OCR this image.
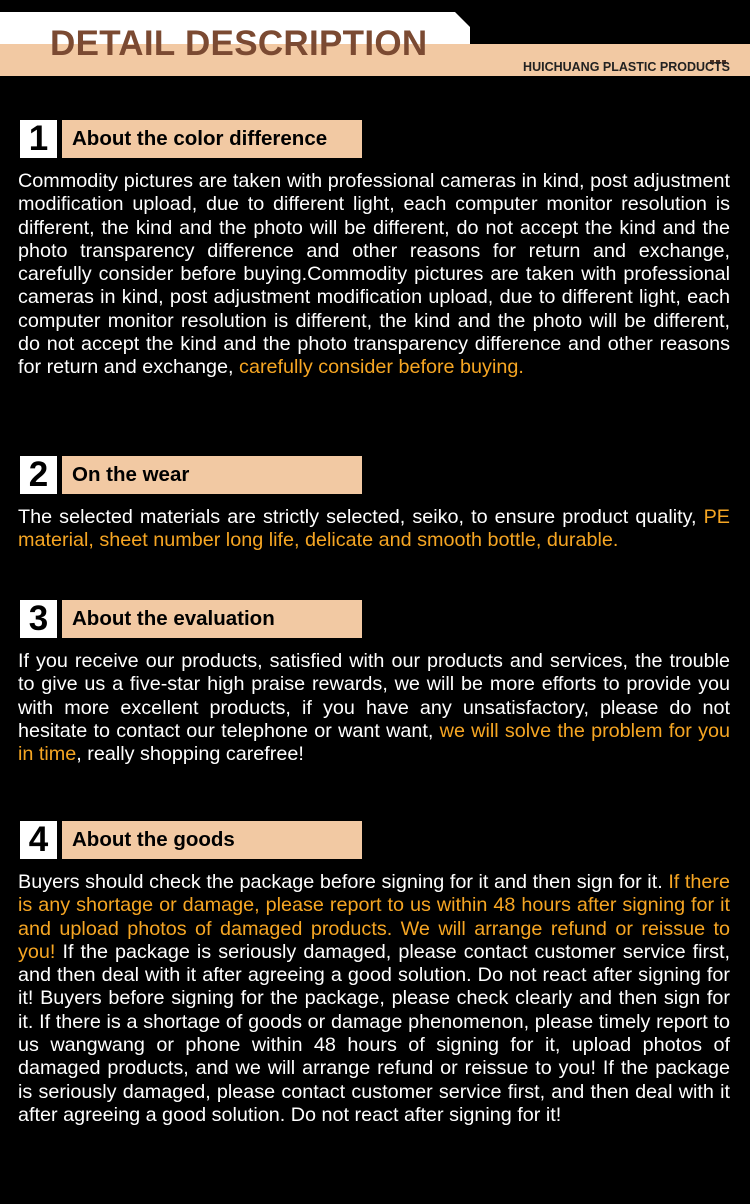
DETAIL DESCRIPTION
HUICHUANG PLASTIC PRODUCTS
1	About the color difference

Commodity pictures are taken with professional cameras in kind, post adjustment modification upload, due to different light, each computer monitor resolution is different, the kind and the photo will be different, do not accept the kind and the photo transparency difference and other reasons for return and exchange, carefully consider before buying.Commodity pictures are taken with professional cameras in kind, post adjustment modification upload, due to different light, each computer monitor resolution is different, the kind and the photo will be different, do not accept the kind and the photo transparency difference and other reasons for return and exchange, carefully consider before buying.

2	On the wear

The selected materials are strictly selected, seiko, to ensure product quality, PE material, sheet number long life, delicate and smooth bottle, durable.

3	About the evaluation

If you receive our products, satisfied with our products and services, the trouble to give us a five-star high praise rewards, we will be more efforts to provide you with more excellent products, if you have any unsatisfactory, please do not hesitate to contact our telephone or want want, we will solve the problem for you in time, really shopping carefree!

4	About the goods

Buyers should check the package before signing for it and then sign for it. If there is any shortage or damage, please report to us within 48 hours after signing for it and upload photos of damaged products. We will arrange refund or reissue to you! If the package is seriously damaged, please contact customer service first, and then deal with it after agreeing a good solution. Do not react after signing for it! Buyers before signing for the package, please check clearly and then sign for it. If there is a shortage of goods or damage phenomenon, please timely report to us wangwang or phone within 48 hours of signing for it, upload photos of damaged products, and we will arrange refund or reissue to you! If the package is seriously damaged, please contact customer service first, and then deal with it after agreeing a good solution. Do not react after signing for it!
